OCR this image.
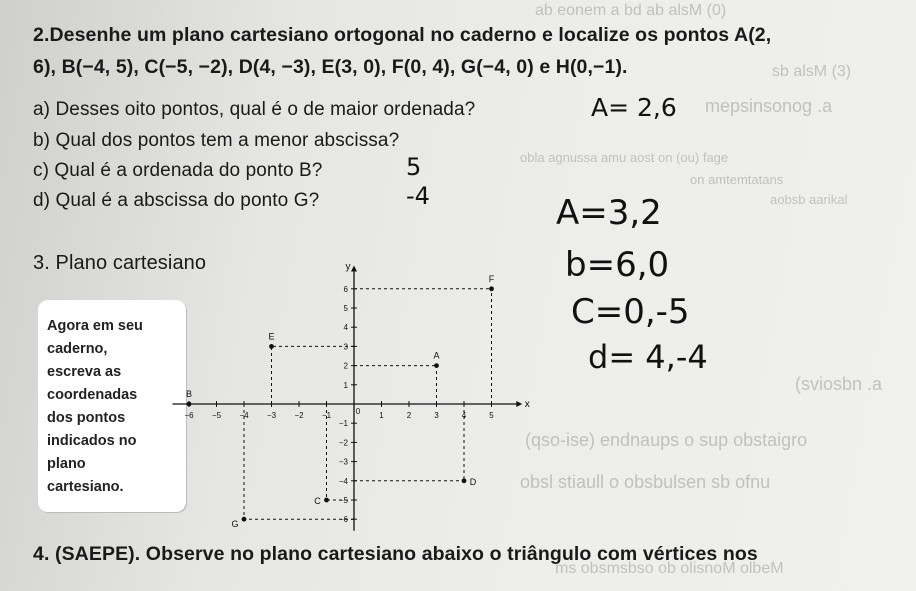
ab eonem a bd ab alsM (0)
sb alsM (3)
mepsinsonog .a
obla agnussa amu aost on (ou) fage
on amtemtatans
aobsb aarikal
(sviosbn .a
(qso-ise) endnaups o sup obstaigro
obsl stiaull o obsbulsen sb ofnu
ms obsmsbso ob olisnoM olbeM
2.Desenhe um plano cartesiano ortogonal no caderno e localize os pontos A(2,
6), B(−4, 5), C(−5, −2), D(4, −3), E(3, 0), F(0, 4), G(−4, 0) e H(0,−1).
a) Desses oito pontos, qual é o de maior ordenada?
b) Qual dos pontos tem a menor abscissa?
c) Qual é a ordenada do ponto B?
d) Qual é a abscissa do ponto G?
A= 2,6
5
-4	A=3,2
b=6,0
C=0,-5
d= 4,-4
3. Plano cartesiano
Agora em seu
caderno,
escreva as
coordenadas
dos pontos
indicados no
plano
cartesiano.
x
y
−6 −5 −4 −3 −2 −1	0 1	2	3	4	5
6
5
4
3
2
1
−1
−2
−3
−4
−5
−6
F
E
A
B
D
C
G
4. (SAEPE). Observe no plano cartesiano abaixo o triângulo com vértices nos
